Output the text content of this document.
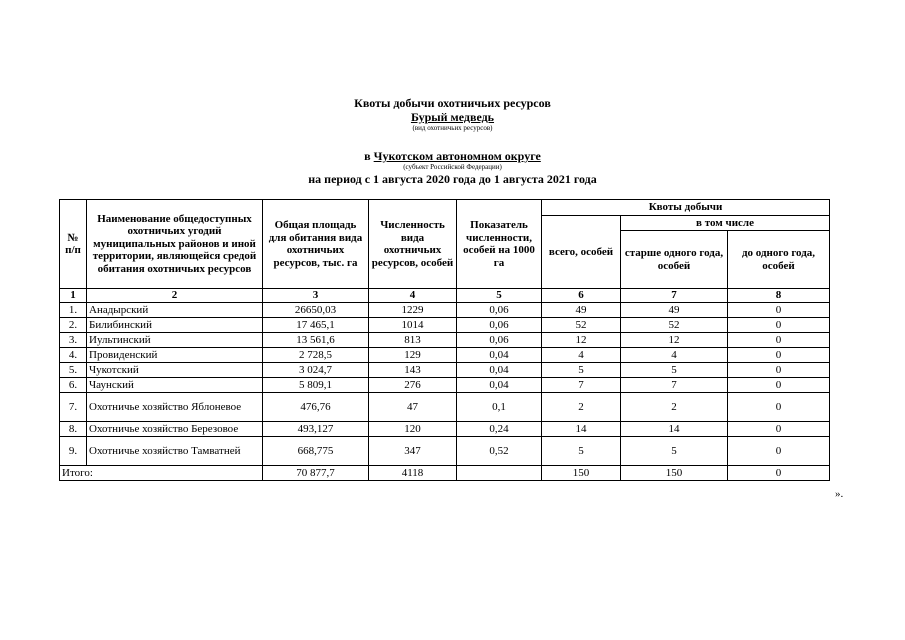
Квоты добычи охотничьих ресурсов
Бурый медведь
(вид охотничьих ресурсов)
в Чукотском автономном округе
(субъект Российской Федерации)
на период с 1 августа 2020 года до 1 августа 2021 года
№ п/п	Наименование общедоступных охотничьих угодий муниципальных районов и иной территории, являющейся средой обитания охотничьих ресурсов	Общая площадь для обитания вида охотничьих ресурсов, тыс. га	Численность вида охотничьих ресурсов, особей	Показатель численности, особей на 1000 га	Квоты добычи		
					всего, особей	в том числе	
						старше одного года, особей	до одного года, особей
1	2	3	4	5	6	7	8
1.	Анадырский	26650,03	1229	0,06	49	49	0
2.	Билибинский	17 465,1	1014	0,06	52	52	0
3.	Иультинский	13 561,6	813	0,06	12	12	0
4.	Провиденский	2 728,5	129	0,04	4	4	0
5.	Чукотский	3 024,7	143	0,04	5	5	0
6.	Чаунский	5 809,1	276	0,04	7	7	0
7.	Охотничье хозяйство Яблоневое	476,76	47	0,1	2	2	0
8.	Охотничье хозяйство Березовое	493,127	120	0,24	14	14	0
9.	Охотничье хозяйство Тамватней	668,775	347	0,52	5	5	0
Итого:		70 877,7	4118		150	150	0
».
